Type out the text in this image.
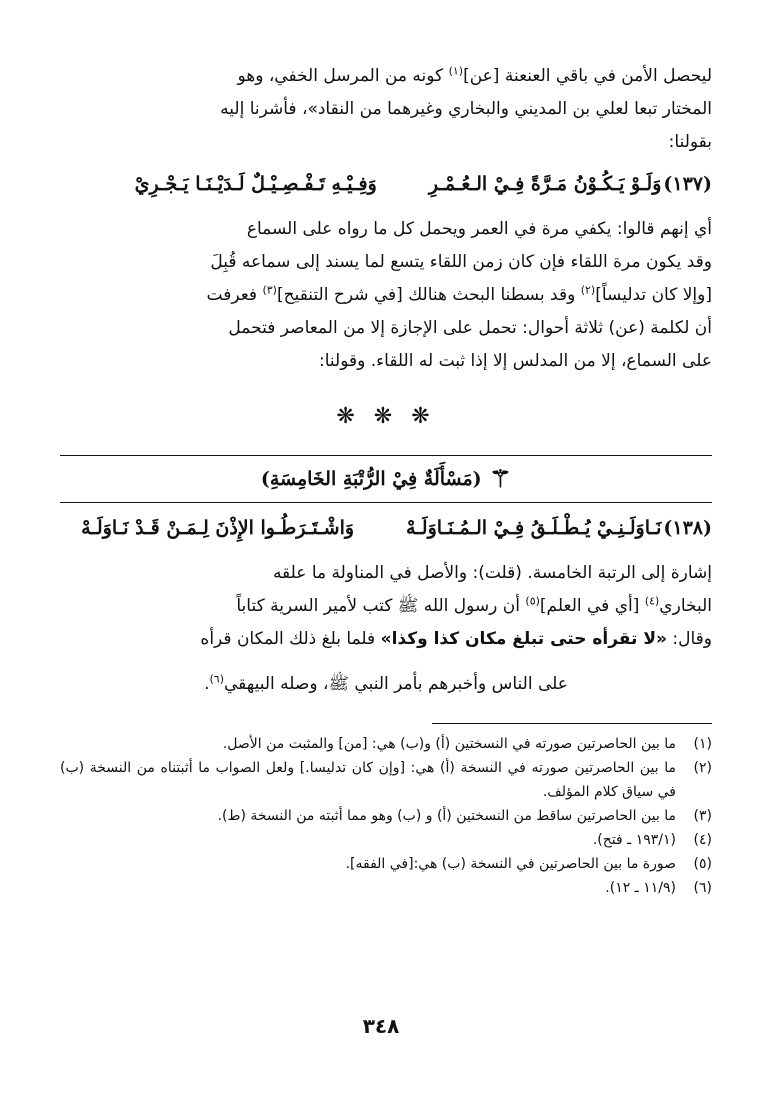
ليحصل الأمن في باقي العنعنة [عن]$^{(١)}$ كونه من المرسل الخفي، وهو
المختار تبعا لعلي بن المديني والبخاري وغيرهما من النقاد»، فأشرنا إليه
بقولنا:

(١٣٧)
وَلَـوْ يَـكُـوْنُ مَـرَّةً فِـيْ الـعُـمْـرِ
وَفِـيْـهِ تَـفْـصِـيْـلٌ لَـدَيْـنَـا يَـجْـرِيْ

أي إنهم قالوا: يكفي مرة في العمر ويحمل كل ما رواه على السماع
وقد يكون مرة اللقاء فإن كان زمن اللقاء يتسع لما يسند إلى سماعه قُبِلَ
[وإلا كان تدليساً]$^{(٢)}$ وقد بسطنا البحث هنالك [في شرح التنقيح]$^{(٣)}$ فعرفت
أن لكلمة (عن) ثلاثة أحوال: تحمل على الإجازة إلا من المعاصر فتحمل
على السماع، إلا من المدلس إلا إذا ثبت له اللقاء. وقولنا:

❋ ❋ ❋
⚚
(مَسْأَلَةٌ فِيْ الرُّتْبَةِ الخَامِسَةِ)
(١٣٨)
نَـاوَلَـنِـيْ يُـطْـلَـقُ فِـيْ الـمُـنَـاوَلَـهْ
وَاشْـتَـرَطُـوا الإِذْنَ لِـمَـنْ قَـدْ نَـاوَلَـهْ

إشارة إلى الرتبة الخامسة. (قلت): والأصل في المناولة ما علقه
البخاري$^{(٤)}$ [أي في العلم]$^{(٥)}$ أن رسول الله ﷺ كتب لأمير السرية كتاباً
وقال: «لا تقرأه حتى تبلغ مكان كذا وكذا» فلما بلغ ذلك المكان قرأه

على الناس وأخبرهم بأمر النبي ﷺ، وصله البيهقي$^{(٦)}$.

(١)
ما بين الحاصرتين صورته في النسختين (أ) و(ب) هي: [من] والمثبت من الأصل.
(٢)
ما بين الحاصرتين صورته في النسخة (أ) هي: [وإن كان تدليسا.] ولعل الصواب ما أثبتناه من النسخة (ب) في سياق كلام المؤلف.
(٣)
ما بين الحاصرتين ساقط من النسختين (أ) و (ب) وهو مما أثبته من النسخة (ط).
(٤)
(١٩٣/١ ـ فتح).
(٥)
صورة ما بين الحاصرتين في النسخة (ب) هي:[في الفقه].
(٦)
(١١/٩ ـ ١٢).
٣٤٨
